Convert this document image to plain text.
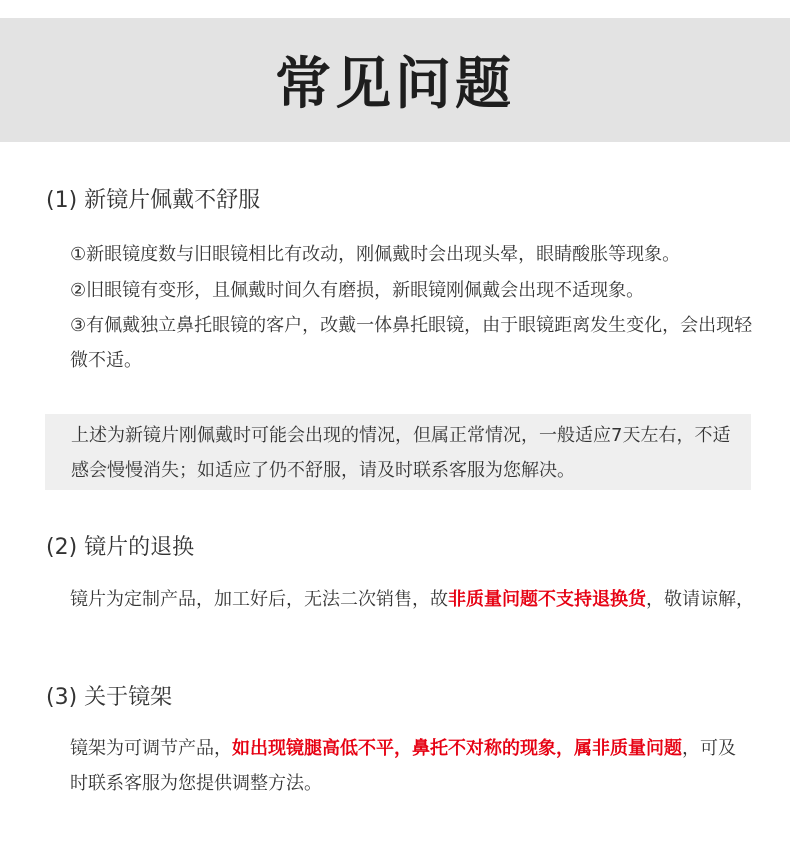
常见问题
(1) 新镜片佩戴不舒服

①新眼镜度数与旧眼镜相比有改动，刚佩戴时会出现头晕，眼睛酸胀等现象。

②旧眼镜有变形，且佩戴时间久有磨损，新眼镜刚佩戴会出现不适现象。

③有佩戴独立鼻托眼镜的客户，改戴一体鼻托眼镜，由于眼镜距离发生变化，会出现轻微不适。

上述为新镜片刚佩戴时可能会出现的情况，但属正常情况，一般适应7天左右，不适感会慢慢消失；如适应了仍不舒服，请及时联系客服为您解决。

(2) 镜片的退换

镜片为定制产品，加工好后，无法二次销售，故非质量问题不支持退换货，敬请谅解，

(3) 关于镜架

镜架为可调节产品，如出现镜腿高低不平，鼻托不对称的现象，属非质量问题，可及时联系客服为您提供调整方法。
